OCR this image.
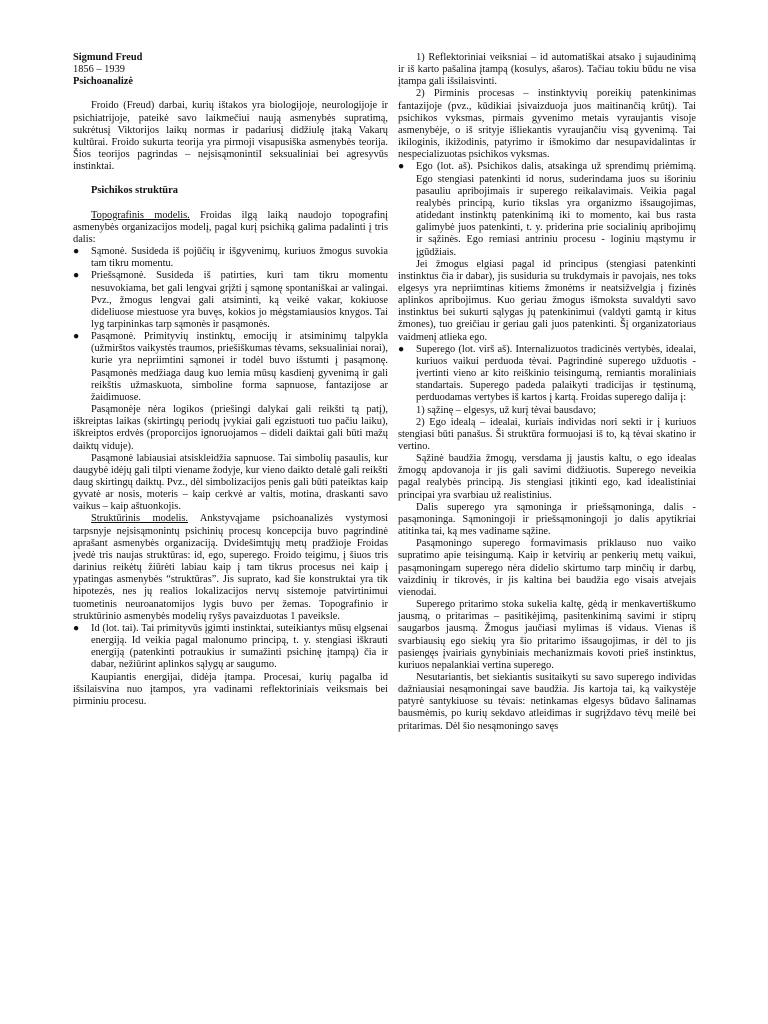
Sigmund Freud

1856 – 1939

Psichoanalizė

Froido (Freud) darbai, kurių ištakos yra biologijoje, neurologijoje ir psichiatrijoje, pateikė savo laikmečiui naują asmenybės supratimą, sukrėtusį Viktorijos laikų normas ir padariusį didžiulę įtaką Vakarų kultūrai. Froido sukurta teorija yra pirmoji visapusiška asmenybės teorija. Šios teorijos pagrindas – nejsisąmonintiI seksualiniai bei agresyvūs instinktai.

Psichikos struktūra

Topografinis modelis. Froidas ilgą laiką naudojo topografinį asmenybės organizacijos modelį, pagal kurį psichiką galima padalinti į tris dalis:

● Sąmonė. Susideda iš pojūčių ir išgyvenimų, kuriuos žmogus suvokia tam tikru momentu.

● Priešsąmonė. Susideda iš patirties, kuri tam tikru momentu nesuvokiama, bet gali lengvai grįžti į sąmonę spontaniškai ar valingai. Pvz., žmogus lengvai gali atsiminti, ką veikė vakar, kokiuose dideliuose miestuose yra buvęs, kokios jo mėgstamiausios knygos. Tai lyg tarpininkas tarp sąmonės ir pasąmonės.

● Pasąmonė. Primityvių instinktų, emocijų ir atsiminimų talpykla (užmirštos vaikystės traumos, priešiškumas tėvams, seksualiniai norai), kurie yra nepriimtini sąmonei ir todėl buvo išstumti į pasąmonę. Pasąmonės medžiaga daug kuo lemia mūsų kasdienį gyvenimą ir gali reikštis užmaskuota, simboline forma sapnuose, fantazijose ar žaidimuose.

Pasąmonėje nėra logikos (priešingi dalykai gali reikšti tą patį), iškreiptas laikas (skirtingų periodų įvykiai gali egzistuoti tuo pačiu laiku), iškreiptos erdvės (proporcijos ignoruojamos – dideli daiktai gali būti mažų daiktų viduje).

Pasąmonė labiausiai atsiskleidžia sapnuose. Tai simbolių pasaulis, kur daugybė idėjų gali tilpti viename žodyje, kur vieno daikto detalė gali reikšti daug skirtingų daiktų. Pvz., dėl simbolizacijos penis gali būti pateiktas kaip gyvatė ar nosis, moteris – kaip cerkvė ar valtis, motina, draskanti savo vaikus – kaip aštuonkojis.

Struktūrinis modelis. Ankstyvąjame psichoanalizės vystymosi tarpsnyje nejsisąmonintų psichinių procesų koncepcija buvo pagrindinė aprašant asmenybės organizaciją. Dvidešimtųjų metų pradžioje Froidas įvedė tris naujas struktūras: id, ego, superego. Froido teigimu, į šiuos tris darinius reikėtų žiūrėti labiau kaip į tam tikrus procesus nei kaip į ypatingas asmenybės “struktūras”. Jis suprato, kad šie konstruktai yra tik hipotezės, nes jų realios lokalizacijos nervų sistemoje patvirtinimui tuometinis neuroanatomijos lygis buvo per žemas. Topografinio ir struktūrinio asmenybės modelių ryšys pavaizduotas 1 paveiksle.

● Id (lot. tai). Tai primityvūs įgimti instinktai, suteikiantys mūsų elgsenai energiją. Id veikia pagal malonumo principą, t. y. stengiasi iškrauti energiją (patenkinti potraukius ir sumažinti psichinę įtampą) čia ir dabar, nežiūrint aplinkos sąlygų ar saugumo.

Kaupiantis energijai, didėja įtampa. Procesai, kurių pagalba id išsilaisvina nuo įtampos, yra vadinami reflektoriniais veiksmais bei pirminiu procesu.

1) Reflektoriniai veiksniai – id automatiškai atsako į sujaudinimą ir iš karto pašalina įtampą (kosulys, ašaros). Tačiau tokiu būdu ne visa įtampa gali išsilaisvinti.

2) Pirminis procesas – instinktyvių poreikių patenkinimas fantazijoje (pvz., kūdikiai įsivaizduoja juos maitinančią krūtį). Tai psichikos vyksmas, pirmais gyvenimo metais vyraujantis visoje asmenybėje, o iš srityje išliekantis vyraujančiu visą gyvenimą. Tai ikiloginis, ikižodinis, patyrimo ir išmokimo dar nesupavidalintas ir nespecializuotas psichikos vyksmas.

● Ego (lot. aš). Psichikos dalis, atsakinga už sprendimų priėmimą. Ego stengiasi patenkinti id norus, suderindama juos su išoriniu pasauliu apribojimais ir superego reikalavimais. Veikia pagal realybės principą, kurio tikslas yra organizmo išsaugojimas, atidedant instinktų patenkinimą iki to momento, kai bus rasta galimybė juos patenkinti, t. y. priderina prie socialinių apribojimų ir sąžinės. Ego remiasi antriniu procesu - loginiu mąstymu ir įgūdžiais.

Jei žmogus elgiasi pagal id principus (stengiasi patenkinti instinktus čia ir dabar), jis susiduria su trukdymais ir pavojais, nes toks elgesys yra nepriimtinas kitiems žmonėms ir neatsižvelgia į fizinės aplinkos apribojimus. Kuo geriau žmogus išmoksta suvaldyti savo instinktus bei sukurti sąlygas jų patenkinimui (valdyti gamtą ir kitus žmones), tuo greičiau ir geriau gali juos patenkinti. Šį organizatoriaus vaidmenį atlieka ego.

● Superego (lot. virš aš). Internalizuotos tradicinės vertybės, idealai, kuriuos vaikui perduoda tėvai. Pagrindinė superego užduotis - įvertinti vieno ar kito reiškinio teisingumą, remiantis moraliniais standartais. Superego padeda palaikyti tradicijas ir tęstinumą, perduodamas vertybes iš kartos į kartą. Froidas superego dalija į:

1) sąžinę – elgesys, už kurį tėvai bausdavo;

2) Ego idealą – idealai, kuriais individas nori sekti ir į kuriuos stengiasi būti panašus. Ši struktūra formuojasi iš to, ką tėvai skatino ir vertino.

Sąžinė baudžia žmogų, versdama jį jaustis kaltu, o ego idealas žmogų apdovanoja ir jis gali savimi didžiuotis. Superego neveikia pagal realybės principą. Jis stengiasi įtikinti ego, kad idealistiniai principai yra svarbiau už realistinius.

Dalis superego yra sąmoninga ir priešsąmoninga, dalis - pasąmoninga. Sąmoningoji ir priešsąmoningoji jo dalis apytikriai atitinka tai, ką mes vadiname sąžine.

Pasąmoningo superego formavimasis priklauso nuo vaiko supratimo apie teisingumą. Kaip ir ketvirių ar penkerių metų vaikui, pasąmoningam superego nėra didelio skirtumo tarp minčių ir darbų, vaizdinių ir tikrovės, ir jis kaltina bei baudžia ego visais atvejais vienodai.

Superego pritarimo stoka sukelia kaltę, gėdą ir menkavertiškumo jausmą, o pritarimas – pasitikėjimą, pasitenkinimą savimi ir stiprų saugarbos jausmą. Žmogus jaučiasi mylimas iš vidaus. Vienas iš svarbiausių ego siekių yra šio pritarimo išsaugojimas, ir dėl to jis pasiengęs įvairiais gynybiniais mechanizmais kovoti prieš instinktus, kuriuos nepalankiai vertina superego.

Nesutariantis, bet siekiantis susitaikyti su savo superego individas dažniausiai nesąmoningai save baudžia. Jis kartoja tai, ką vaikystėje patyrė santykiuose su tėvais: netinkamas elgesys būdavo šalinamas bausmėmis, po kurių sekdavo atleidimas ir sugrįždavo tėvų meilė bei pritarimas. Dėl šio nesąmoningo savęs
